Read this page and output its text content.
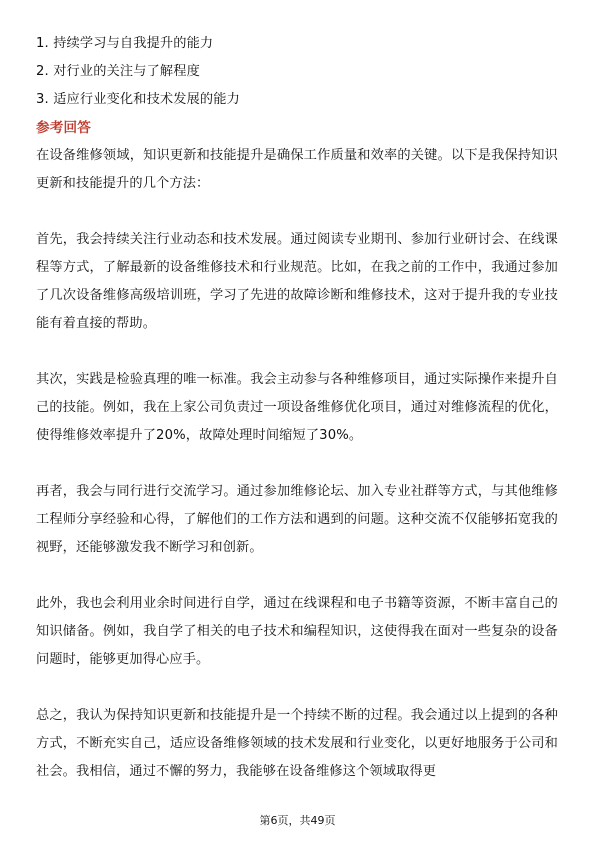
1. 持续学习与自我提升的能力

2. 对行业的关注与了解程度

3. 适应行业变化和技术发展的能力

参考回答

在设备维修领域，知识更新和技能提升是确保工作质量和效率的关键。以下是我保持知识更新和技能提升的几个方法：

首先，我会持续关注行业动态和技术发展。通过阅读专业期刊、参加行业研讨会、在线课程等方式，了解最新的设备维修技术和行业规范。比如，在我之前的工作中，我通过参加了几次设备维修高级培训班，学习了先进的故障诊断和维修技术，这对于提升我的专业技能有着直接的帮助。

其次，实践是检验真理的唯一标准。我会主动参与各种维修项目，通过实际操作来提升自己的技能。例如，我在上家公司负责过一项设备维修优化项目，通过对维修流程的优化，使得维修效率提升了20%，故障处理时间缩短了30%。

再者，我会与同行进行交流学习。通过参加维修论坛、加入专业社群等方式，与其他维修工程师分享经验和心得，了解他们的工作方法和遇到的问题。这种交流不仅能够拓宽我的视野，还能够激发我不断学习和创新。

此外，我也会利用业余时间进行自学，通过在线课程和电子书籍等资源，不断丰富自己的知识储备。例如，我自学了相关的电子技术和编程知识，这使得我在面对一些复杂的设备问题时，能够更加得心应手。

总之，我认为保持知识更新和技能提升是一个持续不断的过程。我会通过以上提到的各种方式，不断充实自己，适应设备维修领域的技术发展和行业变化，以更好地服务于公司和社会。我相信，通过不懈的努力，我能够在设备维修这个领域取得更

第6页，共49页
